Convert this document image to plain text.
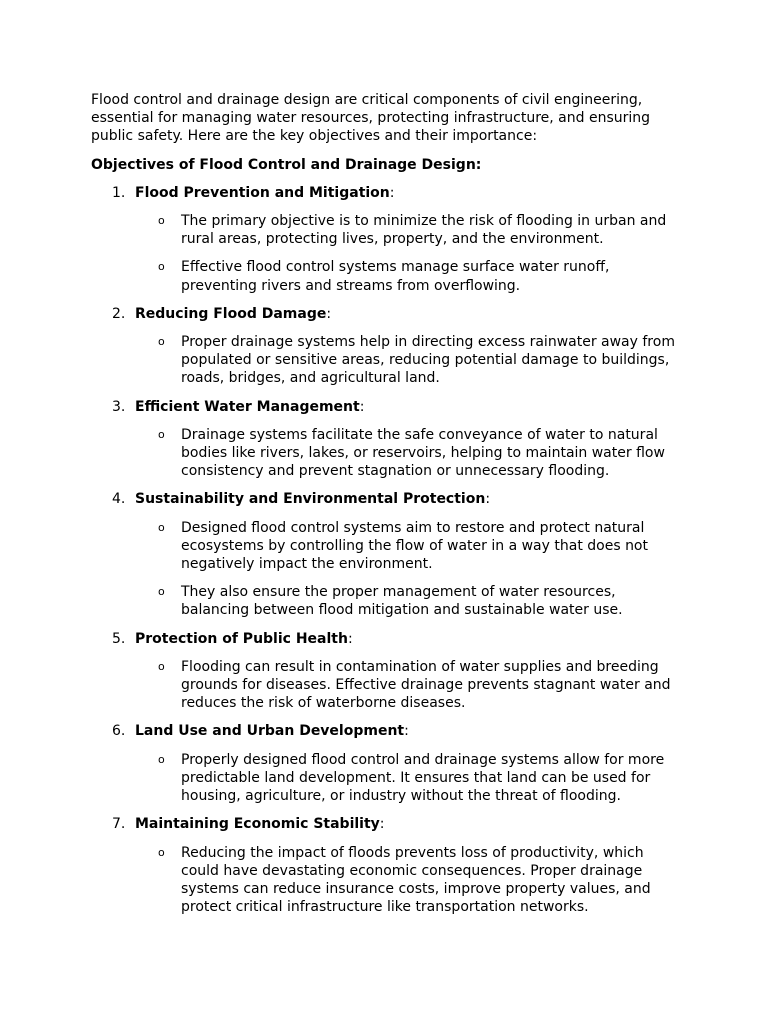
Flood control and drainage design are critical components of civil engineering, essential for managing water resources, protecting infrastructure, and ensuring public safety. Here are the key objectives and their importance:

Objectives of Flood Control and Drainage Design:

1. Flood Prevention and Mitigation:
o The primary objective is to minimize the risk of flooding in urban and rural areas, protecting lives, property, and the environment.
o Effective flood control systems manage surface water runoff, preventing rivers and streams from overflowing.
2. Reducing Flood Damage:
o Proper drainage systems help in directing excess rainwater away from populated or sensitive areas, reducing potential damage to buildings, roads, bridges, and agricultural land.
3. Efficient Water Management:
o Drainage systems facilitate the safe conveyance of water to natural bodies like rivers, lakes, or reservoirs, helping to maintain water flow consistency and prevent stagnation or unnecessary flooding.
4. Sustainability and Environmental Protection:
o Designed flood control systems aim to restore and protect natural ecosystems by controlling the flow of water in a way that does not negatively impact the environment.
o They also ensure the proper management of water resources, balancing between flood mitigation and sustainable water use.
5. Protection of Public Health:
o Flooding can result in contamination of water supplies and breeding grounds for diseases. Effective drainage prevents stagnant water and reduces the risk of waterborne diseases.
6. Land Use and Urban Development:
o Properly designed flood control and drainage systems allow for more predictable land development. It ensures that land can be used for housing, agriculture, or industry without the threat of flooding.
7. Maintaining Economic Stability:
o Reducing the impact of floods prevents loss of productivity, which could have devastating economic consequences. Proper drainage systems can reduce insurance costs, improve property values, and protect critical infrastructure like transportation networks.
